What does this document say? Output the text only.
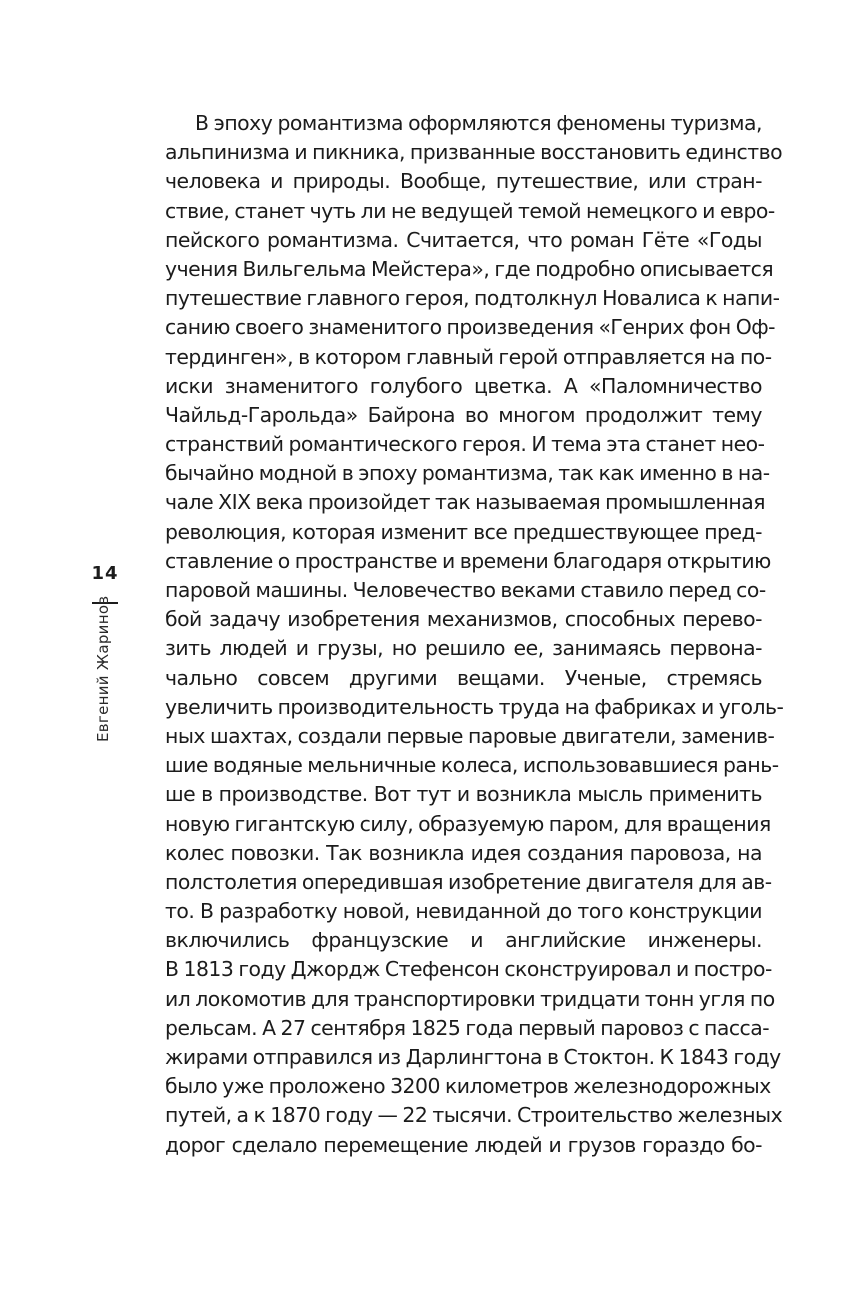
14
Евгений Жаринов
В эпоху романтизма оформляются феномены туризма,
альпинизма и пикника, призванные восстановить единство
человека и природы. Вообще, путешествие, или стран-
ствие, станет чуть ли не ведущей темой немецкого и евро-
пейского романтизма. Считается, что роман Гёте «Годы
учения Вильгельма Мейстера», где подробно описывается
путешествие главного героя, подтолкнул Новалиса к напи-
санию своего знаменитого произведения «Генрих фон Оф-
тердинген», в котором главный герой отправляется на по-
иски знаменитого голубого цветка. А «Паломничество
Чайльд-Гарольда» Байрона во многом продолжит тему
странствий романтического героя. И тема эта станет нео-
бычайно модной в эпоху романтизма, так как именно в на-
чале XIX века произойдет так называемая промышленная
революция, которая изменит все предшествующее пред-
ставление о пространстве и времени благодаря открытию
паровой машины. Человечество веками ставило перед со-
бой задачу изобретения механизмов, способных перево-
зить людей и грузы, но решило ее, занимаясь первона-
чально совсем другими вещами. Ученые, стремясь
увеличить производительность труда на фабриках и уголь-
ных шахтах, создали первые паровые двигатели, заменив-
шие водяные мельничные колеса, использовавшиеся рань-
ше в производстве. Вот тут и возникла мысль применить
новую гигантскую силу, образуемую паром, для вращения
колес повозки. Так возникла идея создания паровоза, на
полстолетия опередившая изобретение двигателя для ав-
то. В разработку новой, невиданной до того конструкции
включились французские и английские инженеры.
В 1813 году Джордж Стефенсон сконструировал и постро-
ил локомотив для транспортировки тридцати тонн угля по
рельсам. А 27 сентября 1825 года первый паровоз с пасса-
жирами отправился из Дарлингтона в Стоктон. К 1843 году
было уже проложено 3200 километров железнодорожных
путей, а к 1870 году — 22 тысячи. Строительство железных
дорог сделало перемещение людей и грузов гораздо бо-
